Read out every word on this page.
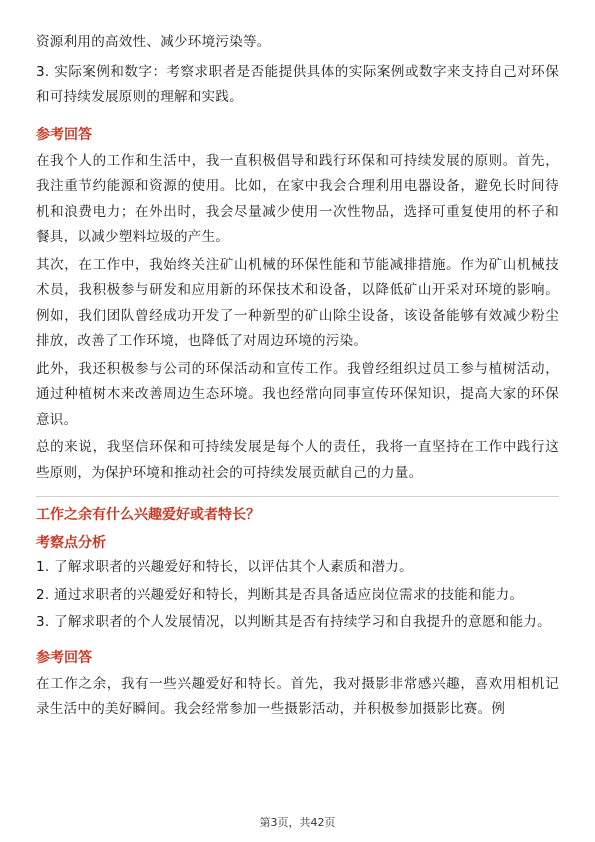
资源利用的高效性、减少环境污染等。

3. 实际案例和数字：考察求职者是否能提供具体的实际案例或数字来支持自己对环保和可持续发展原则的理解和实践。

参考回答

在我个人的工作和生活中，我一直积极倡导和践行环保和可持续发展的原则。首先，我注重节约能源和资源的使用。比如，在家中我会合理利用电器设备，避免长时间待机和浪费电力；在外出时，我会尽量减少使用一次性物品，选择可重复使用的杯子和餐具，以减少塑料垃圾的产生。

其次，在工作中，我始终关注矿山机械的环保性能和节能减排措施。作为矿山机械技术员，我积极参与研发和应用新的环保技术和设备，以降低矿山开采对环境的影响。例如，我们团队曾经成功开发了一种新型的矿山除尘设备，该设备能够有效减少粉尘排放，改善了工作环境，也降低了对周边环境的污染。

此外，我还积极参与公司的环保活动和宣传工作。我曾经组织过员工参与植树活动，通过种植树木来改善周边生态环境。我也经常向同事宣传环保知识，提高大家的环保意识。

总的来说，我坚信环保和可持续发展是每个人的责任，我将一直坚持在工作中践行这些原则，为保护环境和推动社会的可持续发展贡献自己的力量。

工作之余有什么兴趣爱好或者特长？

考察点分析

1. 了解求职者的兴趣爱好和特长，以评估其个人素质和潜力。

2. 通过求职者的兴趣爱好和特长，判断其是否具备适应岗位需求的技能和能力。

3. 了解求职者的个人发展情况，以判断其是否有持续学习和自我提升的意愿和能力。

参考回答

在工作之余，我有一些兴趣爱好和特长。首先，我对摄影非常感兴趣，喜欢用相机记录生活中的美好瞬间。我会经常参加一些摄影活动，并积极参加摄影比赛。例

第3页，共42页
